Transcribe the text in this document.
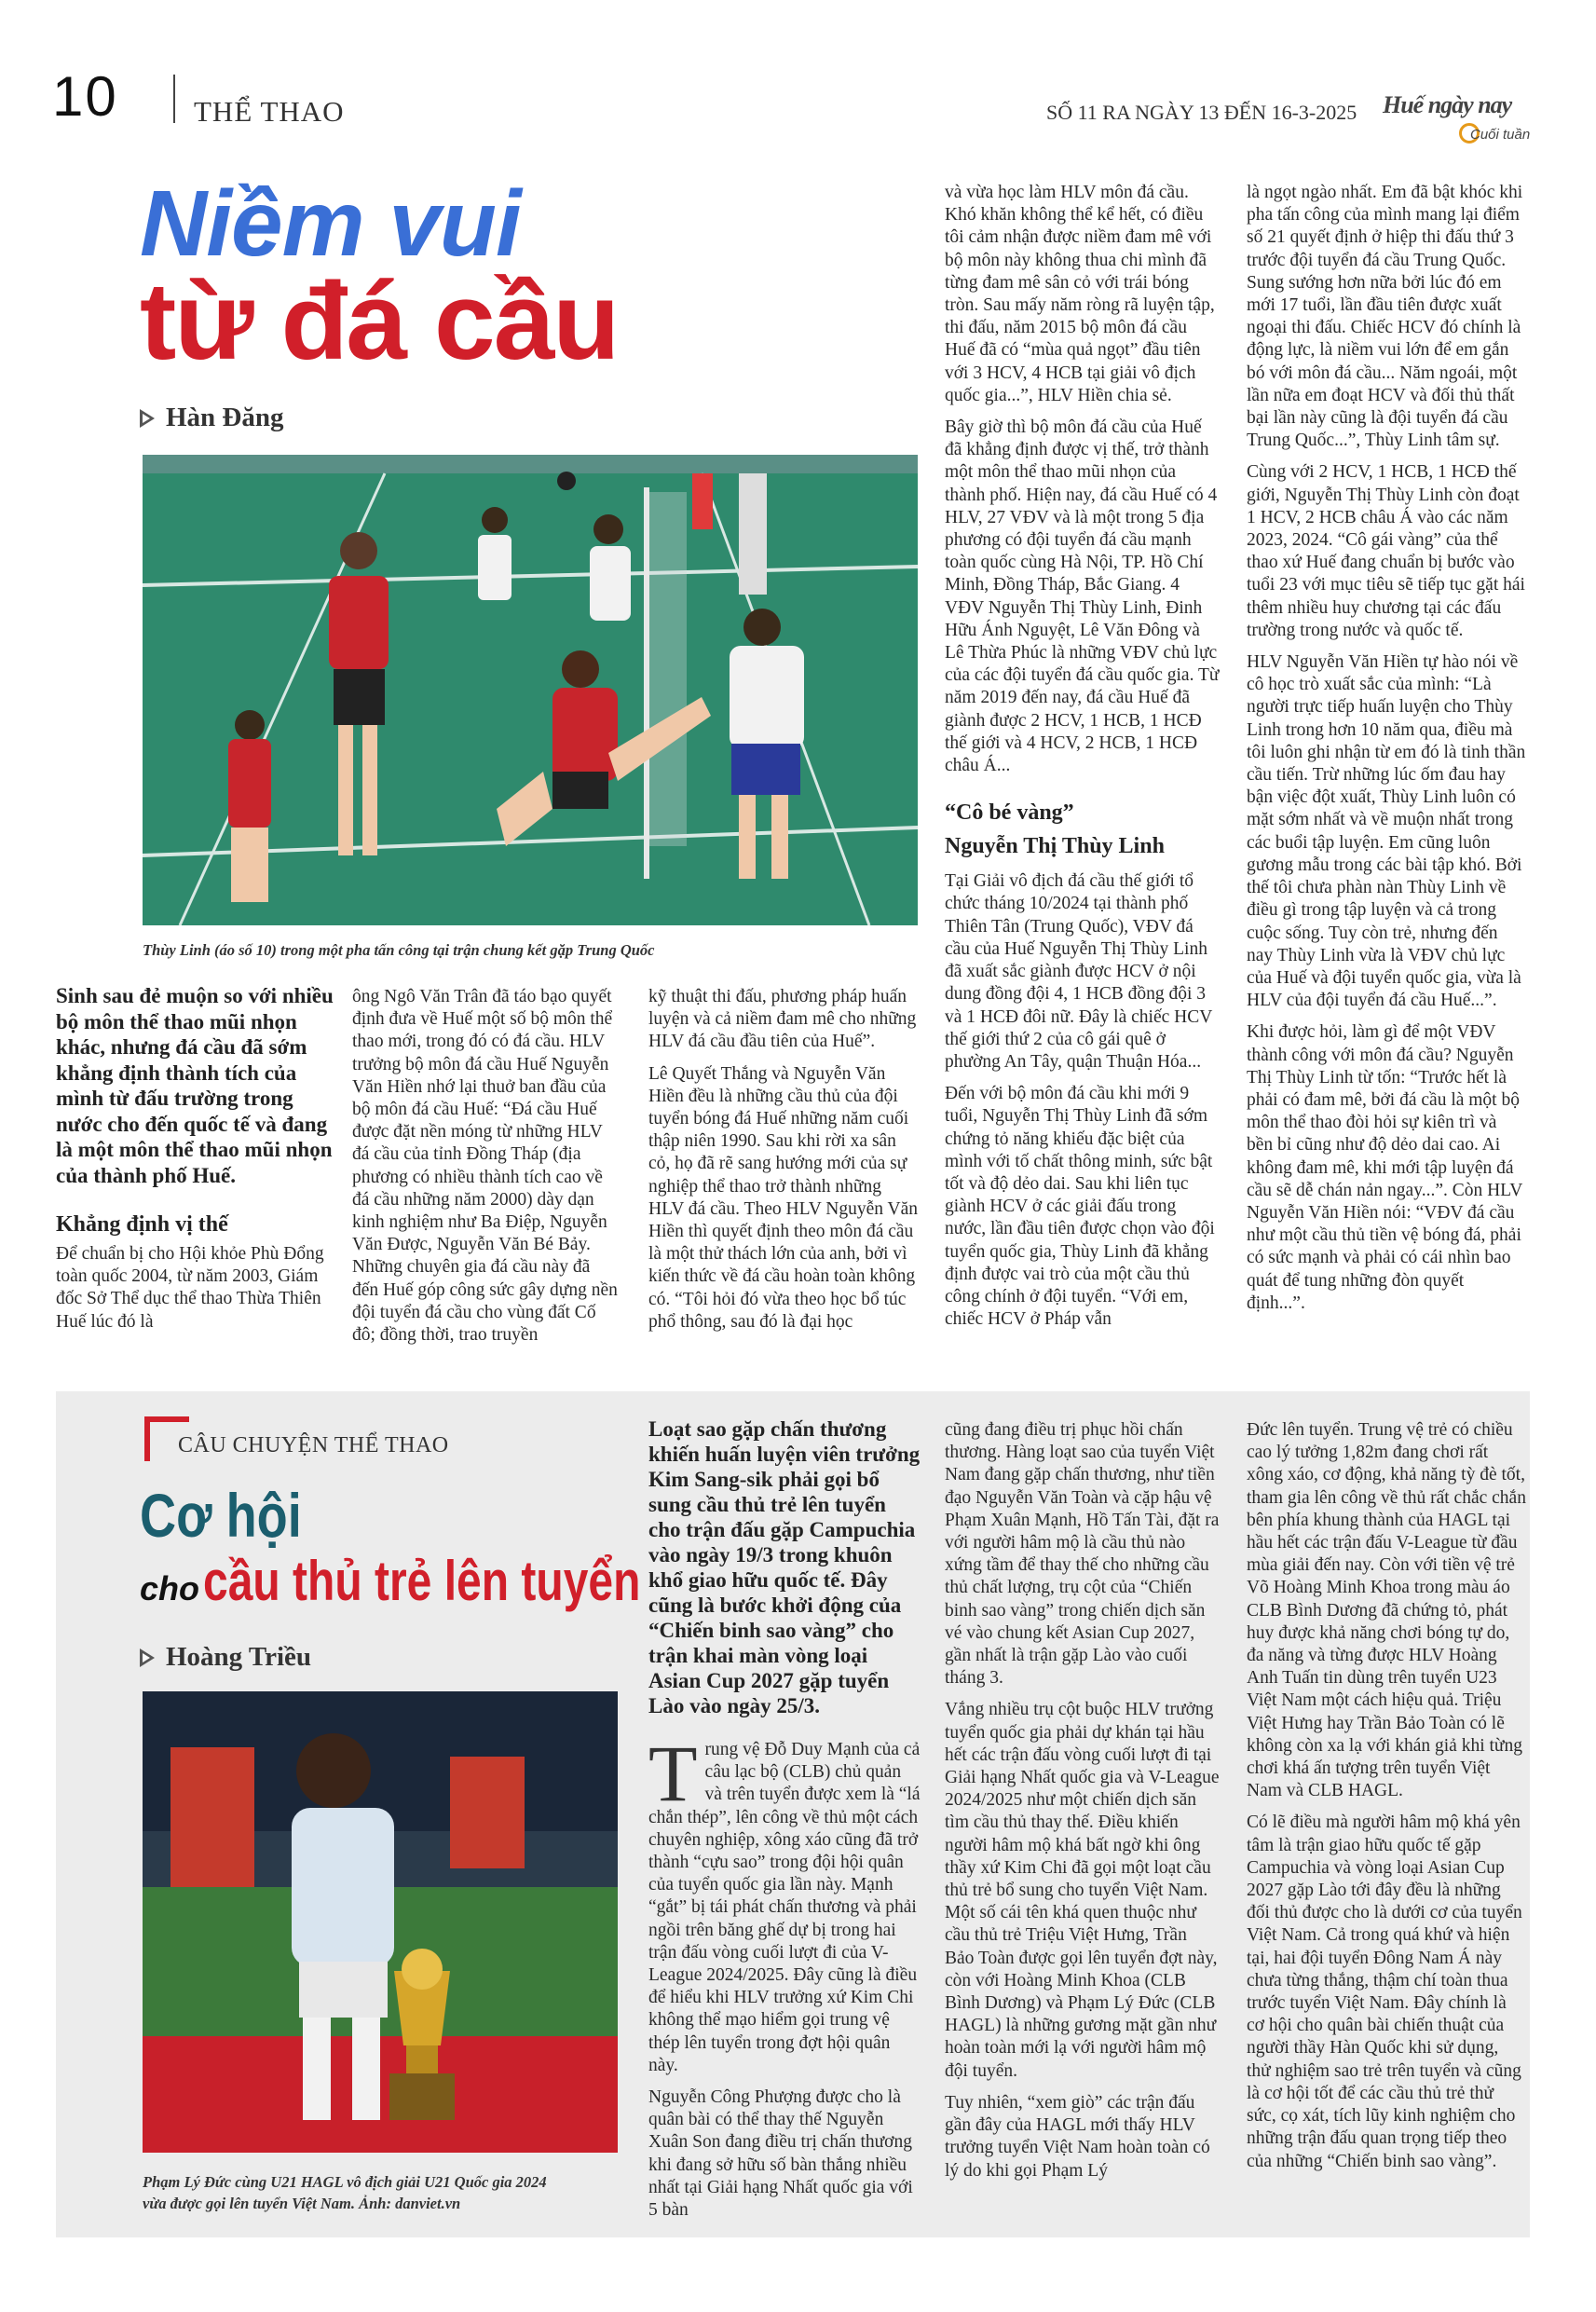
10	THỂ THAO	SỐ 11 RA NGÀY 13 ĐẾN 16-3-2025 Huế ngày nay
Cuối tuần
Niềm vui
từ đá cầu
Hàn Đăng
Thùy Linh (áo số 10) trong một pha tấn công tại trận chung kết gặp Trung Quốc
Sinh sau đẻ muộn so với nhiều bộ môn thể thao mũi nhọn khác, nhưng đá cầu đã sớm khẳng định thành tích của mình từ đấu trường trong nước cho đến quốc tế và đang là một môn thể thao mũi nhọn của thành phố Huế.
Khẳng định vị thế
Để chuẩn bị cho Hội khỏe Phù Đổng toàn quốc 2004, từ năm 2003, Giám đốc Sở Thể dục thể thao Thừa Thiên Huế lúc đó là

ông Ngô Văn Trân đã táo bạo quyết định đưa về Huế một số bộ môn thể thao mới, trong đó có đá cầu. HLV trưởng bộ môn đá cầu Huế Nguyễn Văn Hiền nhớ lại thuở ban đầu của bộ môn đá cầu Huế: “Đá cầu Huế được đặt nền móng từ những HLV đá cầu của tỉnh Đồng Tháp (địa phương có nhiều thành tích cao về đá cầu những năm 2000) dày dạn kinh nghiệm như Ba Điệp, Nguyễn Văn Được, Nguyễn Văn Bé Bảy. Những chuyên gia đá cầu này đã đến Huế góp công sức gây dựng nền đội tuyển đá cầu cho vùng đất Cố đô; đồng thời, trao truyền

kỹ thuật thi đấu, phương pháp huấn luyện và cả niềm đam mê cho những HLV đá cầu đầu tiên của Huế”.

Lê Quyết Thắng và Nguyễn Văn Hiền đều là những cầu thủ của đội tuyển bóng đá Huế những năm cuối thập niên 1990. Sau khi rời xa sân cỏ, họ đã rẽ sang hướng mới của sự nghiệp thể thao trở thành những HLV đá cầu. Theo HLV Nguyễn Văn Hiền thì quyết định theo môn đá cầu là một thử thách lớn của anh, bởi vì kiến thức về đá cầu hoàn toàn không có. “Tôi hỏi đó vừa theo học bổ túc phổ thông, sau đó là đại học

và vừa học làm HLV môn đá cầu. Khó khăn không thể kể hết, có điều tôi cảm nhận được niềm đam mê với bộ môn này không thua chi mình đã từng đam mê sân cỏ với trái bóng tròn. Sau mấy năm ròng rã luyện tập, thi đấu, năm 2015 bộ môn đá cầu Huế đã có “mùa quả ngọt” đầu tiên với 3 HCV, 4 HCB tại giải vô địch quốc gia...”, HLV Hiền chia sẻ.

Bây giờ thì bộ môn đá cầu của Huế đã khẳng định được vị thế, trở thành một môn thể thao mũi nhọn của thành phố. Hiện nay, đá cầu Huế có 4 HLV, 27 VĐV và là một trong 5 địa phương có đội tuyển đá cầu mạnh toàn quốc cùng Hà Nội, TP. Hồ Chí Minh, Đồng Tháp, Bắc Giang. 4 VĐV Nguyễn Thị Thùy Linh, Đinh Hữu Ánh Nguyệt, Lê Văn Đông và Lê Thừa Phúc là những VĐV chủ lực của các đội tuyển đá cầu quốc gia. Từ năm 2019 đến nay, đá cầu Huế đã giành được 2 HCV, 1 HCB, 1 HCĐ thế giới và 4 HCV, 2 HCB, 1 HCĐ châu Á...

“Cô bé vàng”
Nguyễn Thị Thùy Linh

Tại Giải vô địch đá cầu thế giới tổ chức tháng 10/2024 tại thành phố Thiên Tân (Trung Quốc), VĐV đá cầu của Huế Nguyễn Thị Thùy Linh đã xuất sắc giành được HCV ở nội dung đồng đội 4, 1 HCB đồng đội 3 và 1 HCĐ đôi nữ. Đây là chiếc HCV thế giới thứ 2 của cô gái quê ở phường An Tây, quận Thuận Hóa...

Đến với bộ môn đá cầu khi mới 9 tuổi, Nguyễn Thị Thùy Linh đã sớm chứng tỏ năng khiếu đặc biệt của mình với tố chất thông minh, sức bật tốt và độ dẻo dai. Sau khi liên tục giành HCV ở các giải đấu trong nước, lần đầu tiên được chọn vào đội tuyển quốc gia, Thùy Linh đã khẳng định được vai trò của một cầu thủ công chính ở đội tuyển. “Với em, chiếc HCV ở Pháp vẫn

là ngọt ngào nhất. Em đã bật khóc khi pha tấn công của mình mang lại điểm số 21 quyết định ở hiệp thi đấu thứ 3 trước đội tuyển đá cầu Trung Quốc. Sung sướng hơn nữa bởi lúc đó em mới 17 tuổi, lần đầu tiên được xuất ngoại thi đấu. Chiếc HCV đó chính là động lực, là niềm vui lớn để em gắn bó với môn đá cầu... Năm ngoái, một lần nữa em đoạt HCV và đối thủ thất bại lần này cũng là đội tuyển đá cầu Trung Quốc...”, Thùy Linh tâm sự.

Cùng với 2 HCV, 1 HCB, 1 HCĐ thế giới, Nguyễn Thị Thùy Linh còn đoạt 1 HCV, 2 HCB châu Á vào các năm 2023, 2024. “Cô gái vàng” của thể thao xứ Huế đang chuẩn bị bước vào tuổi 23 với mục tiêu sẽ tiếp tục gặt hái thêm nhiều huy chương tại các đấu trường trong nước và quốc tế.

HLV Nguyễn Văn Hiền tự hào nói về cô học trò xuất sắc của mình: “Là người trực tiếp huấn luyện cho Thùy Linh trong hơn 10 năm qua, điều mà tôi luôn ghi nhận từ em đó là tinh thần cầu tiến. Trừ những lúc ốm đau hay bận việc đột xuất, Thùy Linh luôn có mặt sớm nhất và về muộn nhất trong các buổi tập luyện. Em cũng luôn gương mẫu trong các bài tập khó. Bởi thế tôi chưa phàn nàn Thùy Linh về điều gì trong tập luyện và cả trong cuộc sống. Tuy còn trẻ, nhưng đến nay Thùy Linh vừa là VĐV chủ lực của Huế và đội tuyển quốc gia, vừa là HLV của đội tuyển đá cầu Huế...”.

Khi được hỏi, làm gì để một VĐV thành công với môn đá cầu? Nguyễn Thị Thùy Linh từ tốn: “Trước hết là phải có đam mê, bởi đá cầu là một bộ môn thể thao đòi hỏi sự kiên trì và bền bỉ cũng như độ dẻo dai cao. Ai không đam mê, khi mới tập luyện đá cầu sẽ dễ chán nản ngay...”. Còn HLV Nguyễn Văn Hiền nói: “VĐV đá cầu như một cầu thủ tiền vệ bóng đá, phải có sức mạnh và phải có cái nhìn bao quát để tung những đòn quyết định...”.

CÂU CHUYỆN THỂ THAO
Cơ hội
cho cầu thủ trẻ lên tuyển
Hoàng Triều
Phạm Lý Đức cùng U21 HAGL vô địch giải U21 Quốc gia 2024
vừa được gọi lên tuyển Việt Nam. Ảnh: danviet.vn
Loạt sao gặp chấn thương khiến huấn luyện viên trưởng Kim Sang-sik phải gọi bổ sung cầu thủ trẻ lên tuyển cho trận đấu gặp Campuchia vào ngày 19/3 trong khuôn khổ giao hữu quốc tế. Đây cũng là bước khởi động của “Chiến binh sao vàng” cho trận khai màn vòng loại Asian Cup 2027 gặp tuyển Lào vào ngày 25/3.

T rung vệ Đỗ Duy Mạnh của cả câu lạc bộ (CLB) chủ quản và trên tuyển được xem là “lá chắn thép”, lên công về thủ một cách chuyên nghiệp, xông xáo cũng đã trở thành “cựu sao” trong đội hội quân của tuyển quốc gia lần này. Mạnh “gắt” bị tái phát chấn thương và phải ngồi trên băng ghế dự bị trong hai trận đấu vòng cuối lượt đi của V-League 2024/2025. Đây cũng là điều để hiểu khi HLV trưởng xứ Kim Chi không thể mạo hiểm gọi trung vệ thép lên tuyển trong đợt hội quân này.

Nguyễn Công Phượng được cho là quân bài có thể thay thế Nguyễn Xuân Son đang điều trị chấn thương khi đang sở hữu số bàn thắng nhiều nhất tại Giải hạng Nhất quốc gia với 5 bàn

cũng đang điều trị phục hồi chấn thương. Hàng loạt sao của tuyển Việt Nam đang gặp chấn thương, như tiền đạo Nguyễn Văn Toàn và cặp hậu vệ Phạm Xuân Mạnh, Hồ Tấn Tài, đặt ra với người hâm mộ là cầu thủ nào xứng tầm để thay thế cho những cầu thủ chất lượng, trụ cột của “Chiến binh sao vàng” trong chiến dịch săn vé vào chung kết Asian Cup 2027, gần nhất là trận gặp Lào vào cuối tháng 3.

Vắng nhiều trụ cột buộc HLV trưởng tuyển quốc gia phải dự khán tại hầu hết các trận đấu vòng cuối lượt đi tại Giải hạng Nhất quốc gia và V-League 2024/2025 như một chiến dịch săn tìm cầu thủ thay thế. Điều khiến người hâm mộ khá bất ngờ khi ông thầy xứ Kim Chi đã gọi một loạt cầu thủ trẻ bổ sung cho tuyển Việt Nam. Một số cái tên khá quen thuộc như cầu thủ trẻ Triệu Việt Hưng, Trần Bảo Toàn được gọi lên tuyển đợt này, còn với Hoàng Minh Khoa (CLB Bình Dương) và Phạm Lý Đức (CLB HAGL) là những gương mặt gần như hoàn toàn mới lạ với người hâm mộ đội tuyển.

Tuy nhiên, “xem giò” các trận đấu gần đây của HAGL mới thấy HLV trưởng tuyển Việt Nam hoàn toàn có lý do khi gọi Phạm Lý

Đức lên tuyển. Trung vệ trẻ có chiều cao lý tưởng 1,82m đang chơi rất xông xáo, cơ động, khả năng tỳ đè tốt, tham gia lên công về thủ rất chắc chắn bên phía khung thành của HAGL tại hầu hết các trận đấu V-League từ đầu mùa giải đến nay. Còn với tiền vệ trẻ Võ Hoàng Minh Khoa trong màu áo CLB Bình Dương đã chứng tỏ, phát huy được khả năng chơi bóng tự do, đa năng và từng được HLV Hoàng Anh Tuấn tin dùng trên tuyển U23 Việt Nam một cách hiệu quả. Triệu Việt Hưng hay Trần Bảo Toàn có lẽ không còn xa lạ với khán giả khi từng chơi khá ấn tượng trên tuyển Việt Nam và CLB HAGL.

Có lẽ điều mà người hâm mộ khá yên tâm là trận giao hữu quốc tế gặp Campuchia và vòng loại Asian Cup 2027 gặp Lào tới đây đều là những đối thủ được cho là dưới cơ của tuyển Việt Nam. Cả trong quá khứ và hiện tại, hai đội tuyển Đông Nam Á này chưa từng thắng, thậm chí toàn thua trước tuyển Việt Nam. Đây chính là cơ hội cho quân bài chiến thuật của người thầy Hàn Quốc khi sử dụng, thử nghiệm sao trẻ trên tuyển và cũng là cơ hội tốt để các cầu thủ trẻ thử sức, cọ xát, tích lũy kinh nghiệm cho những trận đấu quan trọng tiếp theo của những “Chiến binh sao vàng”.
